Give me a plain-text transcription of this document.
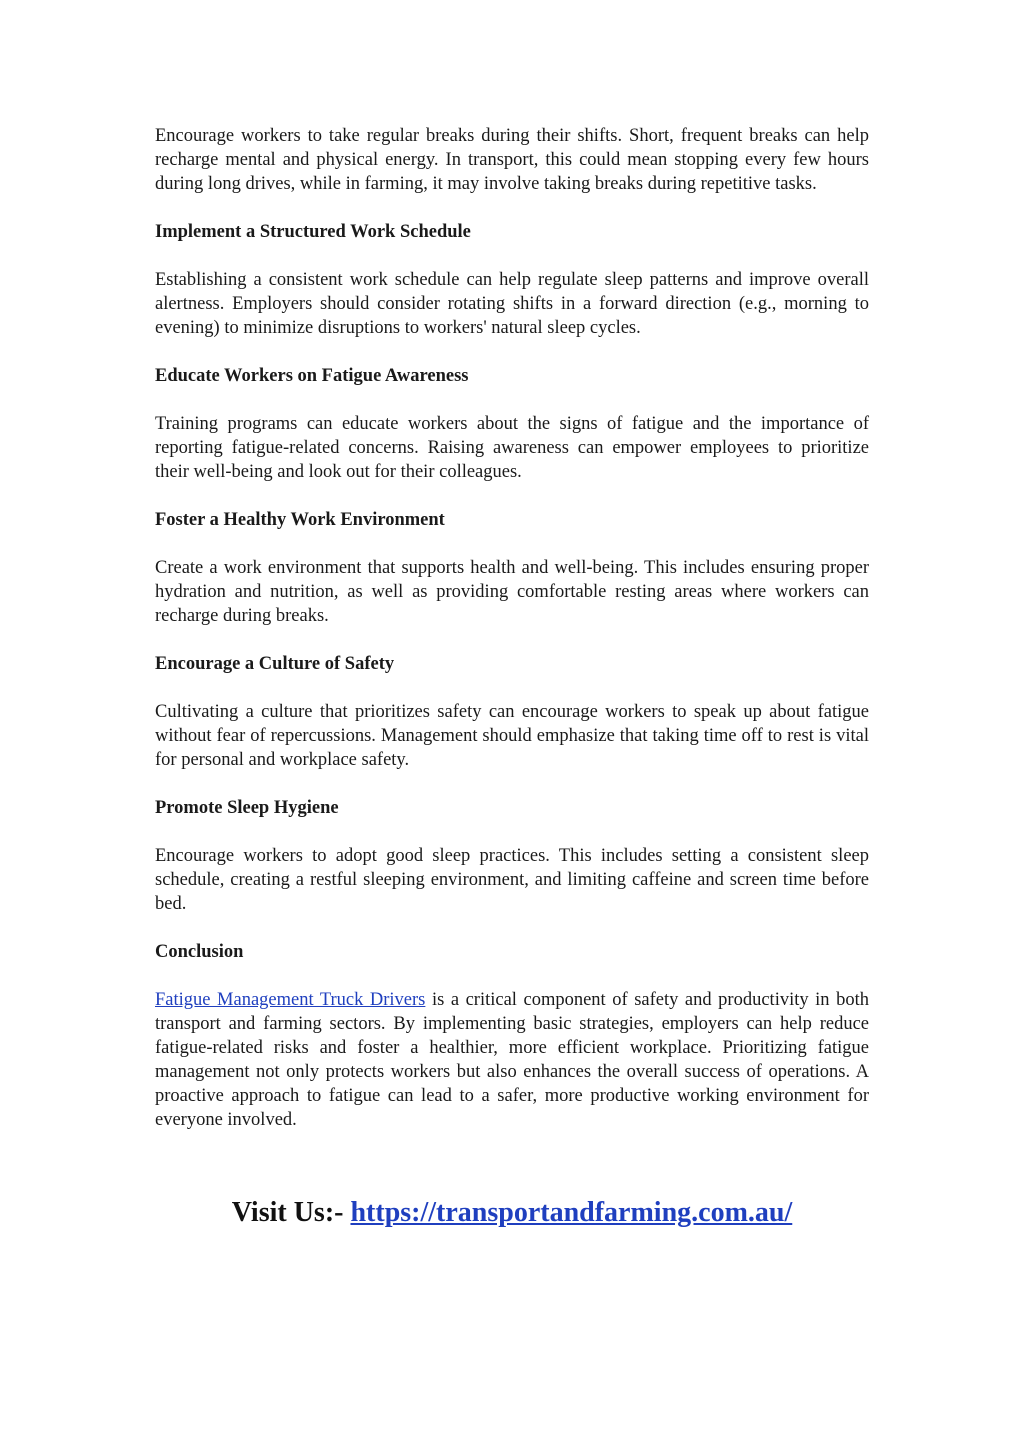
Encourage workers to take regular breaks during their shifts. Short, frequent breaks can help recharge mental and physical energy. In transport, this could mean stopping every few hours during long drives, while in farming, it may involve taking breaks during repetitive tasks.

Implement a Structured Work Schedule

Establishing a consistent work schedule can help regulate sleep patterns and improve overall alertness. Employers should consider rotating shifts in a forward direction (e.g., morning to evening) to minimize disruptions to workers' natural sleep cycles.

Educate Workers on Fatigue Awareness

Training programs can educate workers about the signs of fatigue and the importance of reporting fatigue-related concerns. Raising awareness can empower employees to prioritize their well-being and look out for their colleagues.

Foster a Healthy Work Environment

Create a work environment that supports health and well-being. This includes ensuring proper hydration and nutrition, as well as providing comfortable resting areas where workers can recharge during breaks.

Encourage a Culture of Safety

Cultivating a culture that prioritizes safety can encourage workers to speak up about fatigue without fear of repercussions. Management should emphasize that taking time off to rest is vital for personal and workplace safety.

Promote Sleep Hygiene

Encourage workers to adopt good sleep practices. This includes setting a consistent sleep schedule, creating a restful sleeping environment, and limiting caffeine and screen time before bed.

Conclusion

Fatigue Management Truck Drivers is a critical component of safety and productivity in both transport and farming sectors. By implementing basic strategies, employers can help reduce fatigue-related risks and foster a healthier, more efficient workplace. Prioritizing fatigue management not only protects workers but also enhances the overall success of operations. A proactive approach to fatigue can lead to a safer, more productive working environment for everyone involved.

Visit Us:- https://transportandfarming.com.au/
